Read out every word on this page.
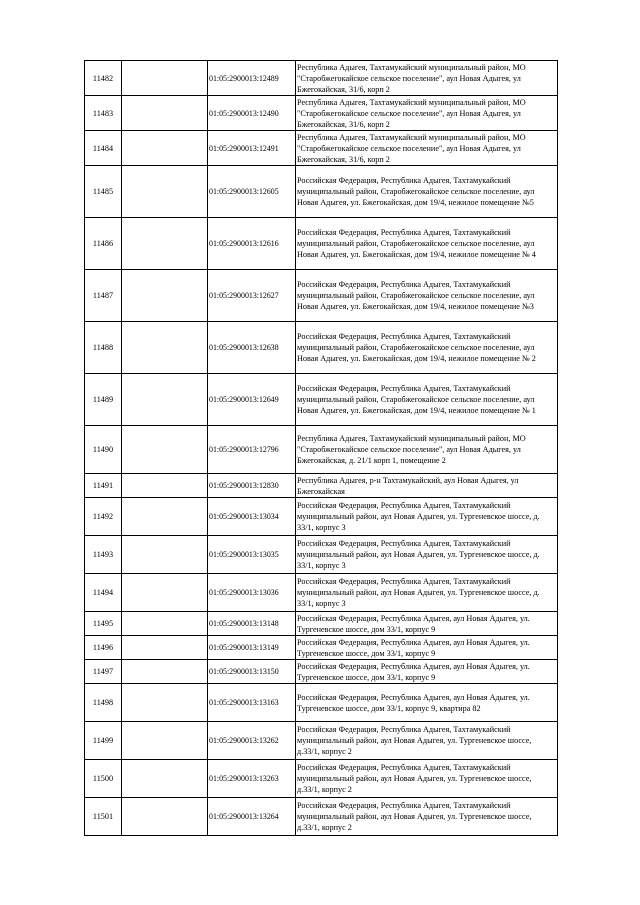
11482		01:05:2900013:12489	Республика Адыгея, Тахтамукайский муниципальный район, МО "Старобжегокайское сельское поселение", аул Новая Адыгея, ул Бжегокайская, 31/6, корп 2
11483		01:05:2900013:12490	Республика Адыгея, Тахтамукайский муниципальный район, МО "Старобжегокайское сельское поселение", аул Новая Адыгея, ул Бжегокайская, 31/6, корп 2
11484		01:05:2900013:12491	Республика Адыгея, Тахтамукайский муниципальный район, МО "Старобжегокайское сельское поселение", аул Новая Адыгея, ул Бжегокайская, 31/6, корп 2
11485		01:05:2900013:12605	Российская Федерация, Республика Адыгея, Тахтамукайский муниципальный район, Старобжегокайское сельское поселение, аул Новая Адыгея, ул. Бжегокайская, дом 19/4, нежилое помещение №5
11486		01:05:2900013:12616	Российская Федерация, Республика Адыгея, Тахтамукайский муниципальный район, Старобжегокайское сельское поселение, аул Новая Адыгея, ул. Бжегокайская, дом 19/4, нежилое помещение № 4
11487		01:05:2900013:12627	Российская Федерация, Республика Адыгея, Тахтамукайский муниципальный район, Старобжегокайское сельское поселение, аул Новая Адыгея, ул. Бжегокайская, дом 19/4, нежилое помещение №3
11488		01:05:2900013:12638	Российская Федерация, Республика Адыгея, Тахтамукайский муниципальный район, Старобжегокайское сельское поселение, аул Новая Адыгея, ул. Бжегокайская, дом 19/4, нежилое помещение № 2
11489		01:05:2900013:12649	Российская Федерация, Республика Адыгея, Тахтамукайский муниципальный район, Старобжегокайское сельское поселение, аул Новая Адыгея, ул. Бжегокайская, дом 19/4, нежилое помещение № 1
11490		01:05:2900013:12796	Республика Адыгея, Тахтамукайский муниципальный район, МО "Старобжегокайское сельское поселение", аул Новая Адыгея, ул Бжегокайская, д. 21/1 корп 1, помещение 2
11491		01:05:2900013:12830	Республика Адыгея, р-н Тахтамукайский, аул Новая Адыгея, ул Бжегокайская
11492		01:05:2900013:13034	Российская Федерация, Республика Адыгея, Тахтамукайский муниципальный район, аул Новая Адыгея, ул. Тургеневское шоссе, д. 33/1, корпус 3
11493		01:05:2900013:13035	Российская Федерация, Республика Адыгея, Тахтамукайский муниципальный район, аул Новая Адыгея, ул. Тургеневское шоссе, д. 33/1, корпус 3
11494		01:05:2900013:13036	Российская Федерация, Республика Адыгея, Тахтамукайский муниципальный район, аул Новая Адыгея, ул. Тургеневское шоссе, д. 33/1, корпус 3
11495		01:05:2900013:13148	Российская Федерация, Республика Адыгея, аул Новая Адыгея, ул. Тургеневское шоссе, дом 33/1, корпус 9
11496		01:05:2900013:13149	Российская Федерация, Республика Адыгея, аул Новая Адыгея, ул. Тургеневское шоссе, дом 33/1, корпус 9
11497		01:05:2900013:13150	Российская Федерация, Республика Адыгея, аул Новая Адыгея, ул. Тургеневское шоссе, дом 33/1, корпус 9
11498		01:05:2900013:13163	Российская Федерация, Республика Адыгея, аул Новая Адыгея, ул. Тургеневское шоссе, дом 33/1, корпус 9, квартира 82
11499		01:05:2900013:13262	Российская Федерация, Республика Адыгея, Тахтамукайский муниципальный район, аул Новая Адыгея, ул. Тургеневское шоссе, д.33/1, корпус 2
11500		01:05:2900013:13263	Российская Федерация, Республика Адыгея, Тахтамукайский муниципальный район, аул Новая Адыгея, ул. Тургеневское шоссе, д.33/1, корпус 2
11501		01:05:2900013:13264	Российская Федерация, Республика Адыгея, Тахтамукайский муниципальный район, аул Новая Адыгея, ул. Тургеневское шоссе, д.33/1, корпус 2
